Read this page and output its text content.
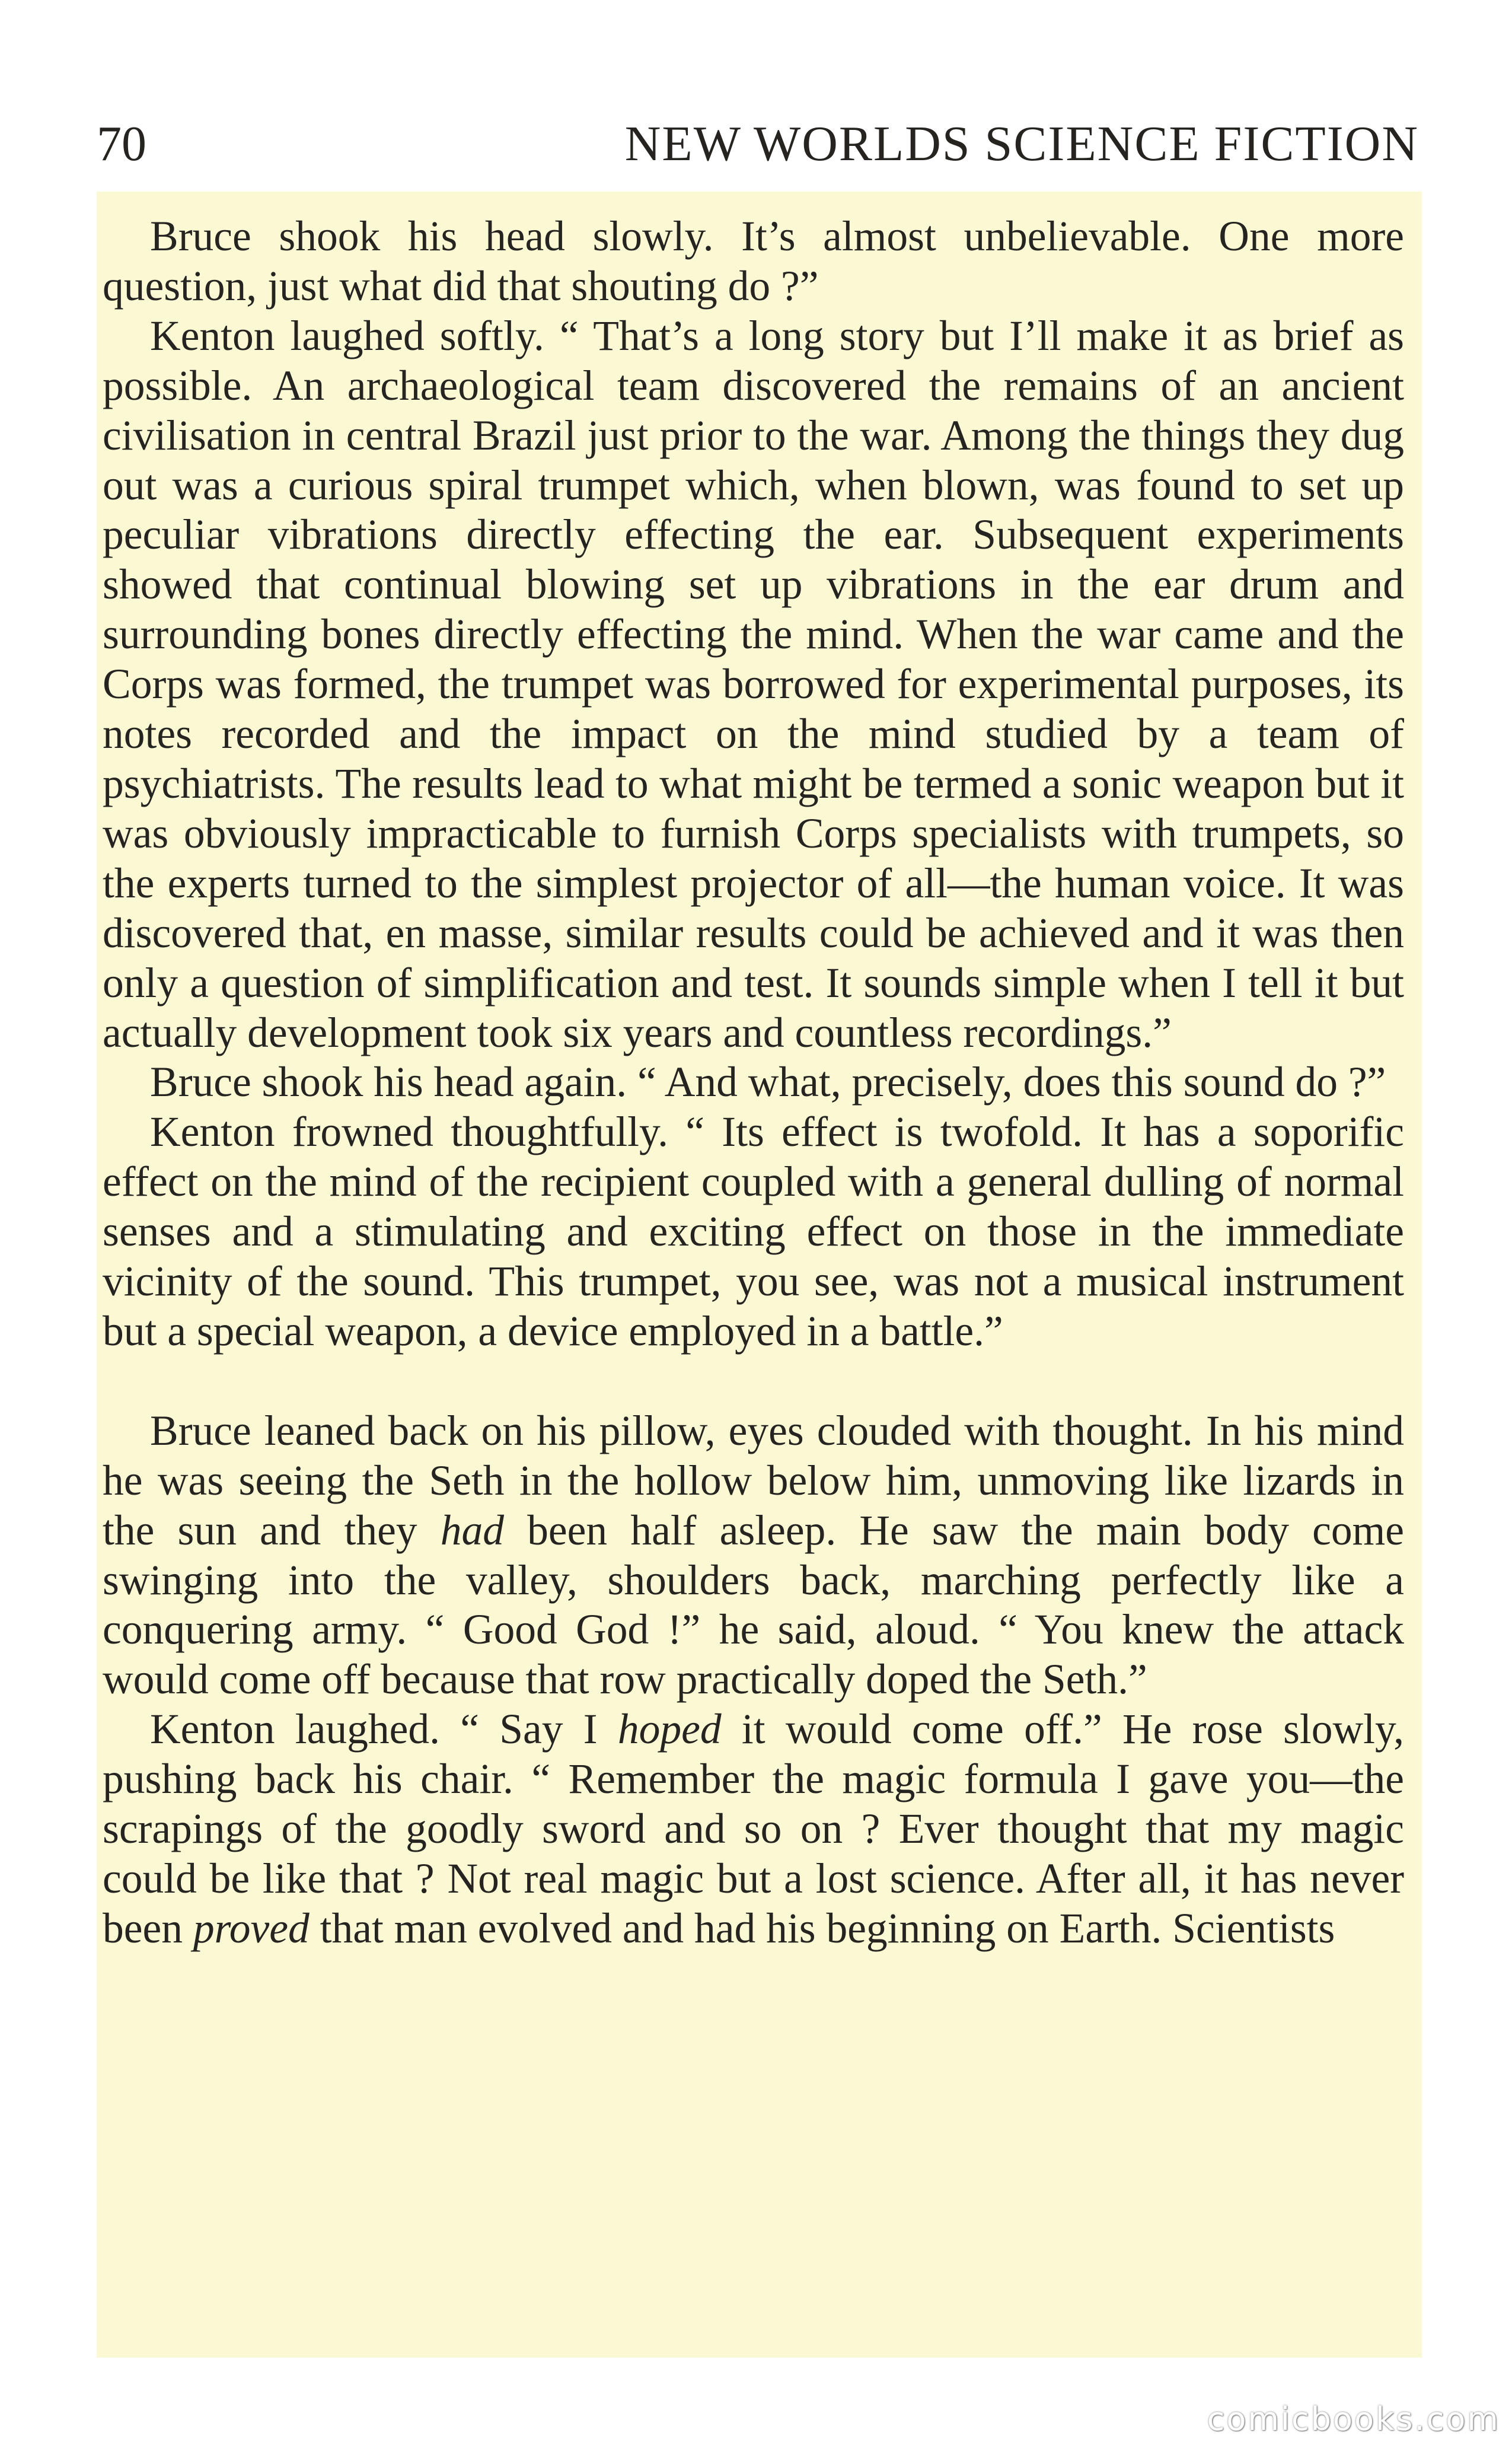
70	NEW WORLDS SCIENCE FICTION

Bruce shook his head slowly. It’s almost unbelievable. One more question, just what did that shouting do ?”

Kenton laughed softly. “ That’s a long story but I’ll make it as brief as possible. An archaeological team discovered the remains of an ancient civilisation in central Brazil just prior to the war. Among the things they dug out was a curious spiral trumpet which, when blown, was found to set up peculiar vibrations directly effecting the ear. Subsequent experiments showed that continual blowing set up vibrations in the ear drum and surrounding bones directly effecting the mind. When the war came and the Corps was formed, the trumpet was borrowed for experimental purposes, its notes recorded and the impact on the mind studied by a team of psychiatrists. The results lead to what might be termed a sonic weapon but it was obviously impracticable to furnish Corps specialists with trumpets, so the experts turned to the simplest projector of all—the human voice. It was discovered that, en masse, similar results could be achieved and it was then only a question of simplification and test. It sounds simple when I tell it but actually development took six years and countless recordings.”

Bruce shook his head again. “ And what, precisely, does this sound do ?”

Kenton frowned thoughtfully. “ Its effect is twofold. It has a soporific effect on the mind of the recipient coupled with a general dulling of normal senses and a stimulating and exciting effect on those in the immediate vicinity of the sound. This trumpet, you see, was not a musical instrument but a special weapon, a device employed in a battle.”

Bruce leaned back on his pillow, eyes clouded with thought. In his mind he was seeing the Seth in the hollow below him, unmoving like lizards in the sun and they had been half asleep. He saw the main body come swinging into the valley, shoulders back, marching perfectly like a conquering army. “ Good God !” he said, aloud. “ You knew the attack would come off because that row practically doped the Seth.”

Kenton laughed. “ Say I hoped it would come off.” He rose slowly, pushing back his chair. “ Remember the magic formula I gave you—the scrapings of the goodly sword and so on ? Ever thought that my magic could be like that ? Not real magic but a lost science. After all, it has never been proved that man evolved and had his beginning on Earth. Scientists

comicbooks.com
